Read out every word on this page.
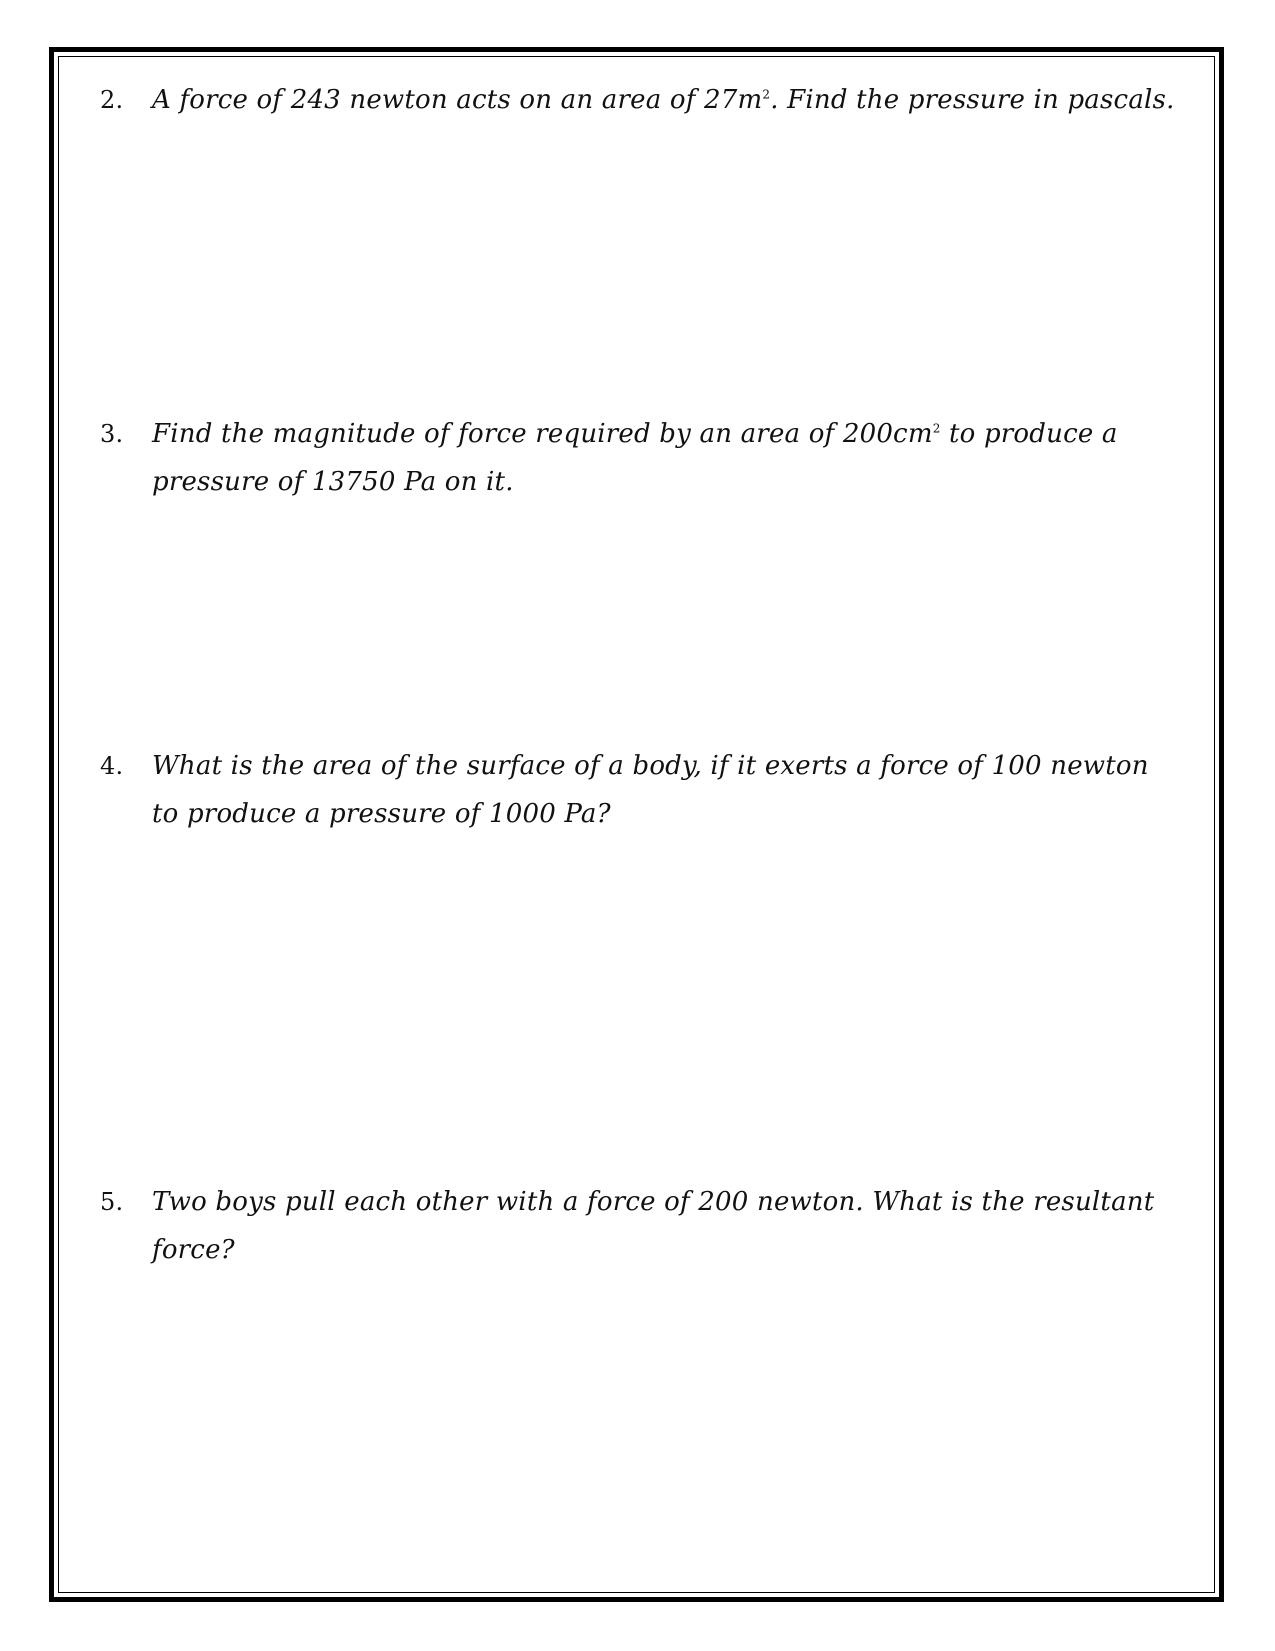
2. A force of 243 newton acts on an area of $27m^2$. Find the pressure in pascals.
3. Find the magnitude of force required by an area of $200cm^2$ to produce a pressure of 13750 Pa on it.
4. What is the area of the surface of a body, if it exerts a force of 100 newton to produce a pressure of 1000 Pa?
5. Two boys pull each other with a force of 200 newton. What is the resultant force?
